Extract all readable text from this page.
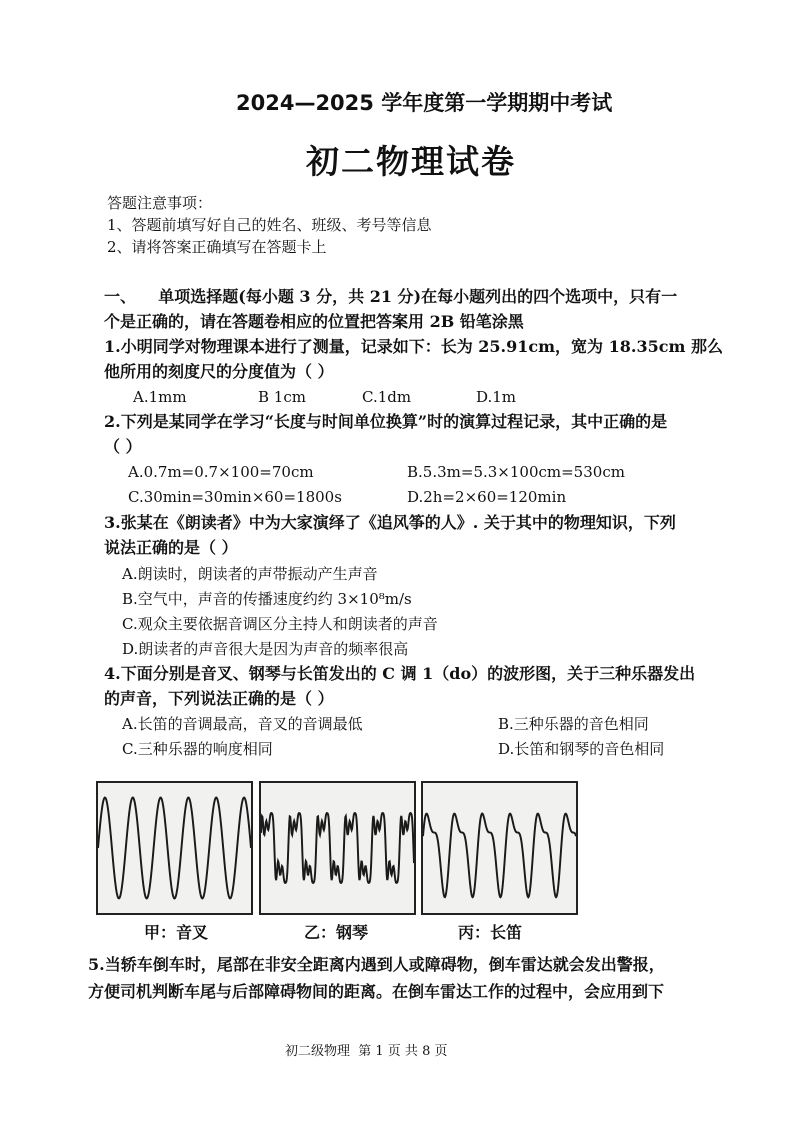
2024—2025 学年度第一学期期中考试
初二物理试卷
答题注意事项：
1、答题前填写好自己的姓名、班级、考号等信息
2、请将答案正确填写在答题卡上
一、    单项选择题(每小题 3 分，共 21 分)在每小题列出的四个选项中，只有一
个是正确的，请在答题卷相应的位置把答案用 2B 铅笔涂黑
1.小明同学对物理课本进行了测量，记录如下：长为 25.91cm，宽为 18.35cm 那么
他所用的刻度尺的分度值为（ ）
A.1mm	B 1cm	C.1dm	D.1m
2.下列是某同学在学习“长度与时间单位换算”时的演算过程记录，其中正确的是
（ ）
A.0.7m=0.7×100=70cm	B.5.3m=5.3×100cm=530cm
C.30min=30min×60=1800s	D.2h=2×60=120min
3.张某在《朗读者》中为大家演绎了《追风筝的人》. 关于其中的物理知识，下列
说法正确的是（ ）
A.朗读时，朗读者的声带振动产生声音
B.空气中，声音的传播速度约约 3×10⁸m/s
C.观众主要依据音调区分主持人和朗读者的声音
D.朗读者的声音很大是因为声音的频率很高
4.下面分别是音叉、钢琴与长笛发出的 C 调 1（do）的波形图，关于三种乐器发出
的声音，下列说法正确的是（ ）
A.长笛的音调最高，音叉的音调最低	B.三种乐器的音色相同
C.三种乐器的响度相同	D.长笛和钢琴的音色相同
甲：音叉	乙：钢琴	丙：长笛
5.当轿车倒车时，尾部在非安全距离内遇到人或障碍物，倒车雷达就会发出警报，
方便司机判断车尾与后部障碍物间的距离。在倒车雷达工作的过程中，会应用到下
初二级物理  第 1 页 共 8 页
